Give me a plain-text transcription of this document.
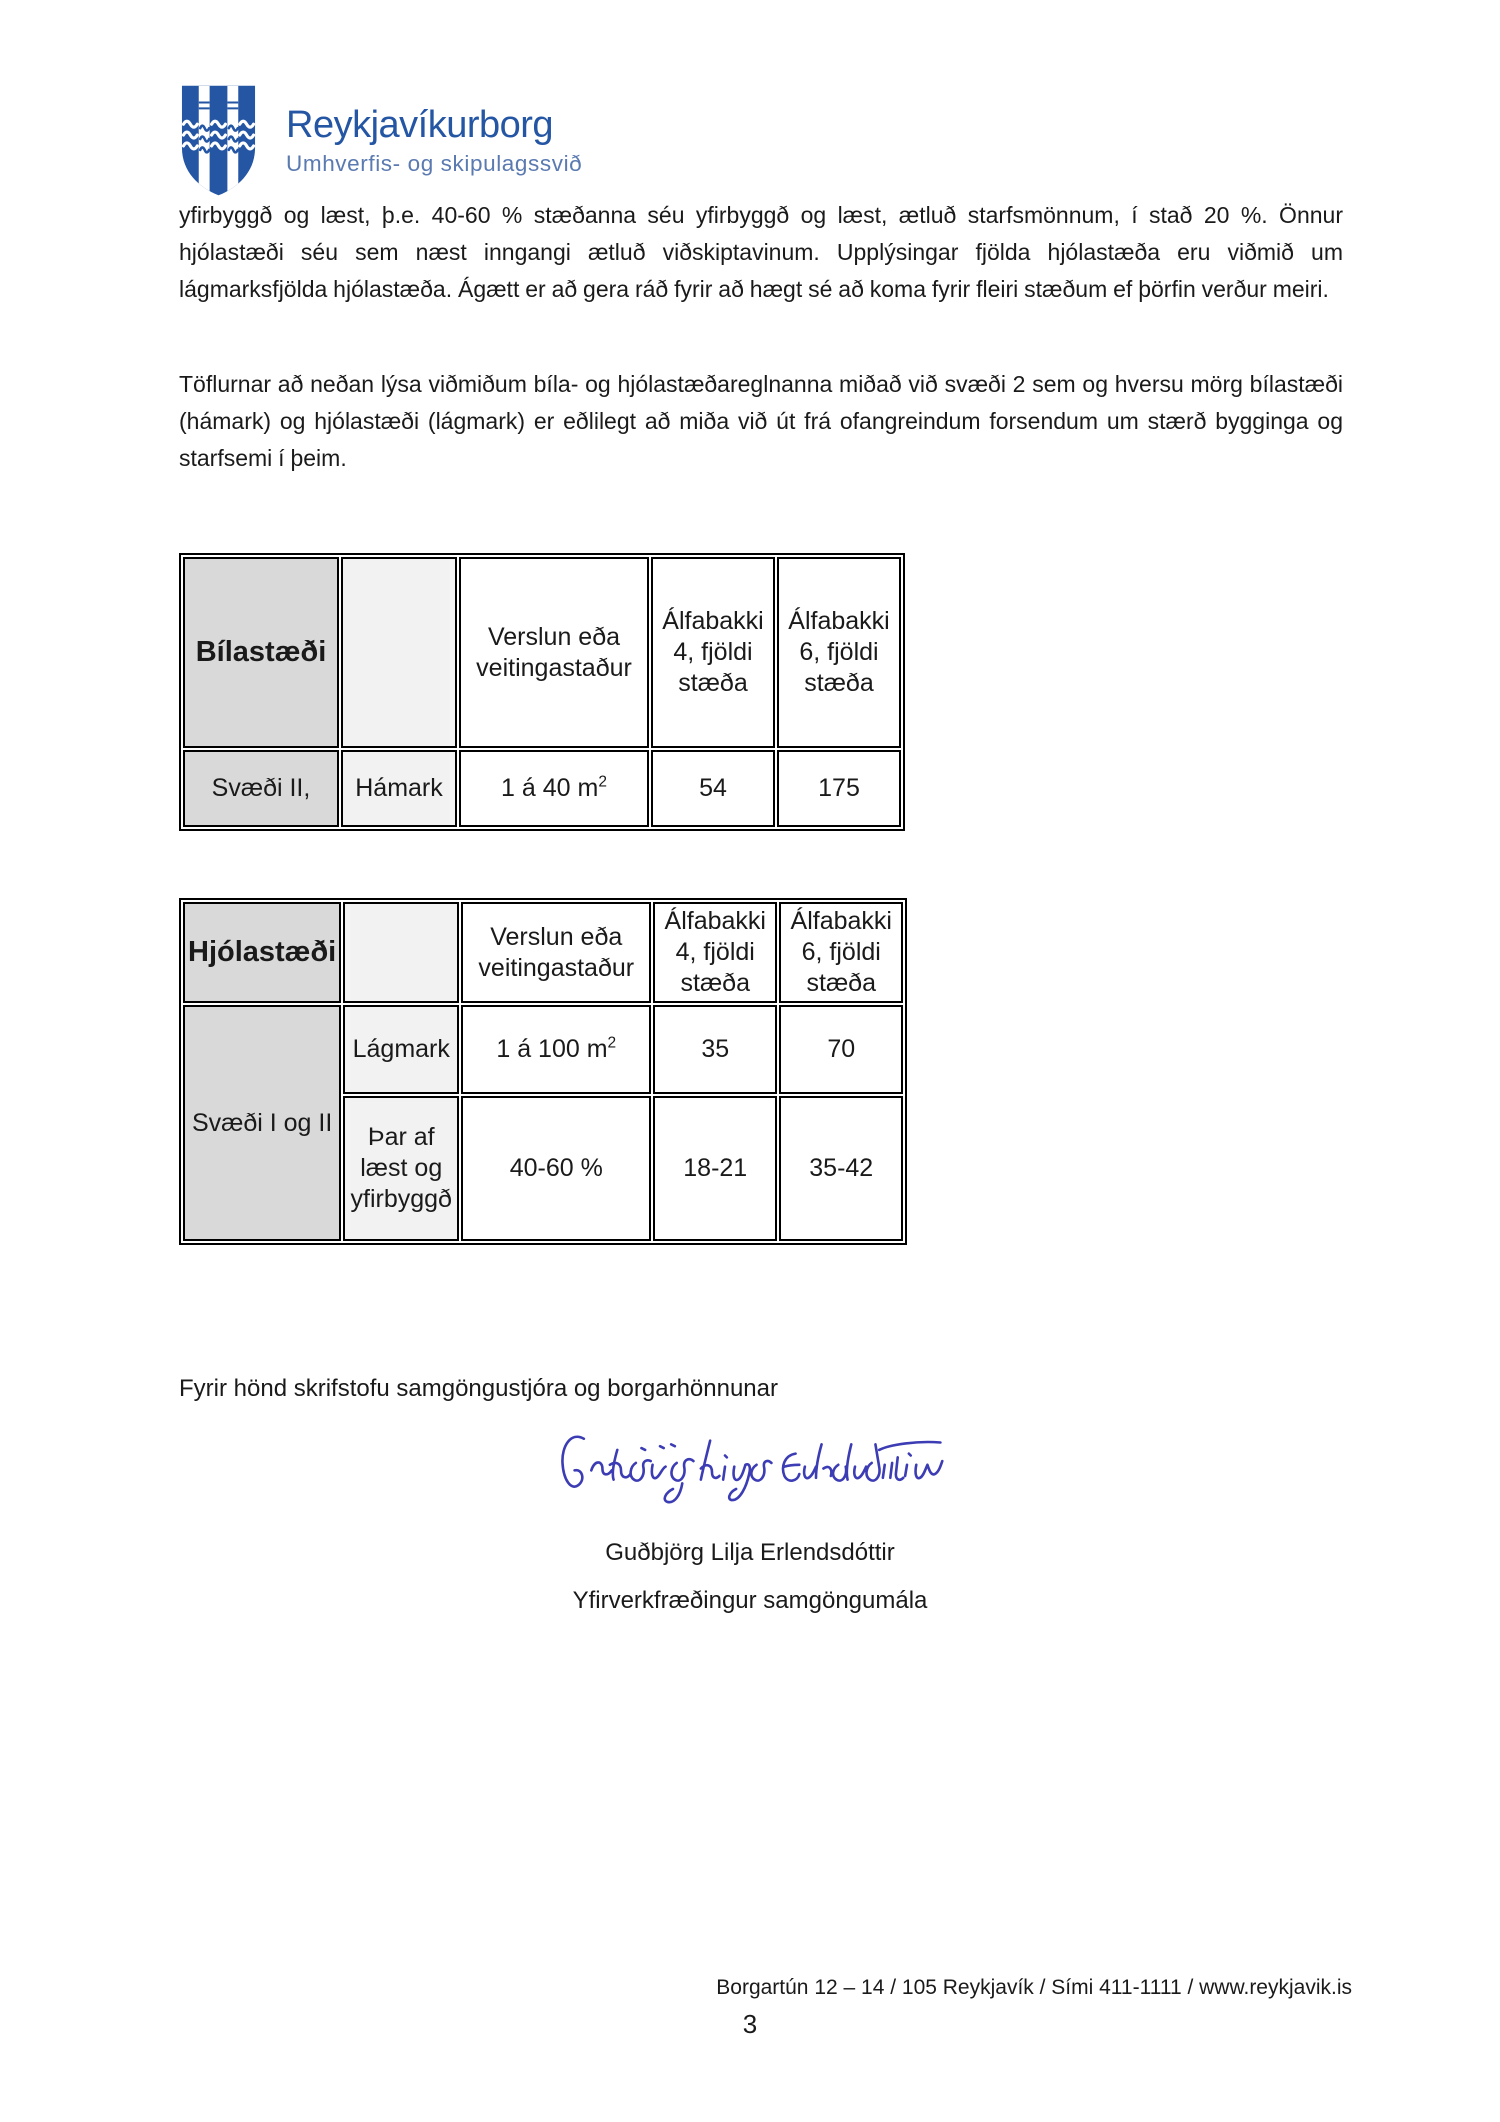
Reykjavíkurborg
Umhverfis- og skipulagssvið

yfirbyggð og læst, þ.e. 40-60 % stæðanna séu yfirbyggð og læst, ætluð starfsmönnum, í stað 20 %. Önnur hjólastæði séu sem næst inngangi ætluð viðskiptavinum. Upplýsingar fjölda hjólastæða eru viðmið um lágmarksfjölda hjólastæða. Ágætt er að gera ráð fyrir að hægt sé að koma fyrir fleiri stæðum ef þörfin verður meiri.

Töflurnar að neðan lýsa viðmiðum bíla- og hjólastæðareglnanna miðað við svæði 2 sem og hversu mörg bílastæði (hámark) og hjólastæði (lágmark) er eðlilegt að miða við út frá ofangreindum forsendum um stærð bygginga og starfsemi í þeim.

Bílastæði		Verslun eða veitingastaður	Álfabakki 4, fjöldi stæða	Álfabakki 6, fjöldi stæða
Svæði II,	Hámark	1 á 40 $m^2$	54	175
Hjólastæði		Verslun eða veitingastaður	Álfabakki 4, fjöldi stæða	Álfabakki 6, fjöldi stæða
Svæði I og II	Lágmark	1 á 100 $m^2$	35	70
	Þar af læst og yfirbyggð	40-60 %	18-21	35-42
Fyrir hönd skrifstofu samgöngustjóra og borgarhönnunar
Guðbjörg Lilja Erlendsdóttir
Yfirverkfræðingur samgöngumála
Borgartún 12 – 14 / 105 Reykjavík / Sími 411-1111 / www.reykjavik.is
3
